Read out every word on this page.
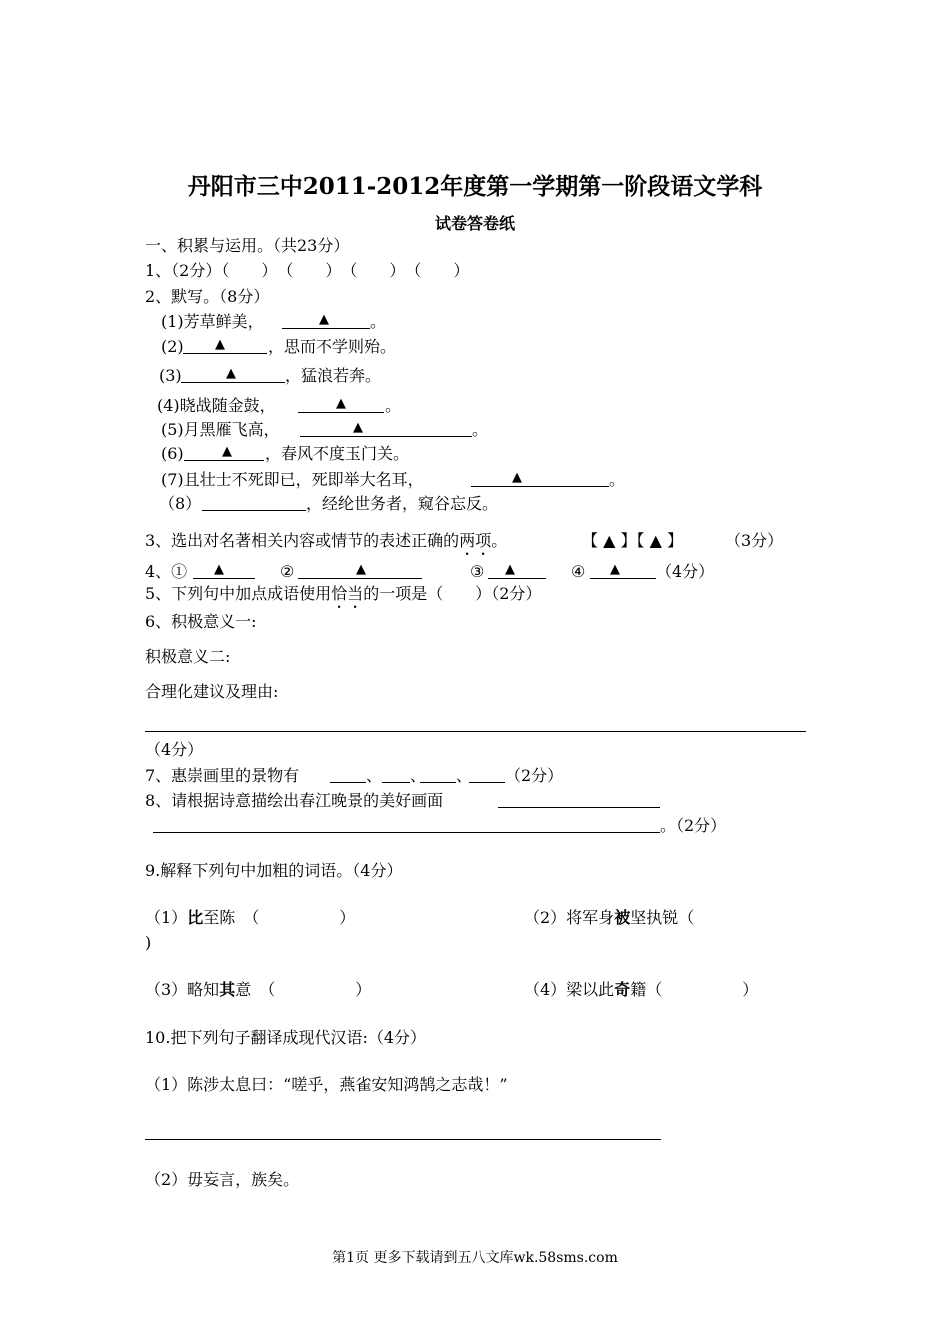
丹阳市三中2011-2012年度第一学期第一阶段语文学科
试卷答卷纸
一、积累与运用。（共23分）
1、（2分）（　　）　（　　）　（　　）　（　　）
2、默写。（8分）
(1)芳草鲜美，	▲	。
(2) ▲	，思而不学则殆。
(3)	▲	，猛浪若奔。
(4)晓战随金鼓，	▲ 。
(5)月黑雁飞高，	▲	。
(6)	▲ ，春风不度玉门关。
(7)且壮士不死即已，死即举大名耳，	▲	。
（8）	，经纶世务者，窥谷忘反。
3、选出对名著相关内容或情节的表述正确的两项。	【 ▲ 】【 ▲ 】	（3分）
4、① ▲	②	▲	③ ▲	④ ▲ （4分）
5、下列句中加点成语使用恰当的一项是（　　）（2分）
6、积极意义一:
积极意义二:
合理化建议及理由:
（4分）
7、惠崇画里的景物有	、 、 、 （2分）
8、请根据诗意描绘出春江晚景的美好画面
。（2分）
9.解释下列句中加粗的词语。（4分）
（1）比至陈　（　　　　　）	（2）将军身被坚执锐（
)
（3）略知其意　（　　　　　）	（4）梁以此奇籍（　　　　　）
10.把下列句子翻译成现代汉语:（4分）
（1）陈涉太息曰：“嗟乎，燕雀安知鸿鹄之志哉！”
（2）毋妄言，族矣。
第1页 更多下载请到五八文库wk.58sms.com
